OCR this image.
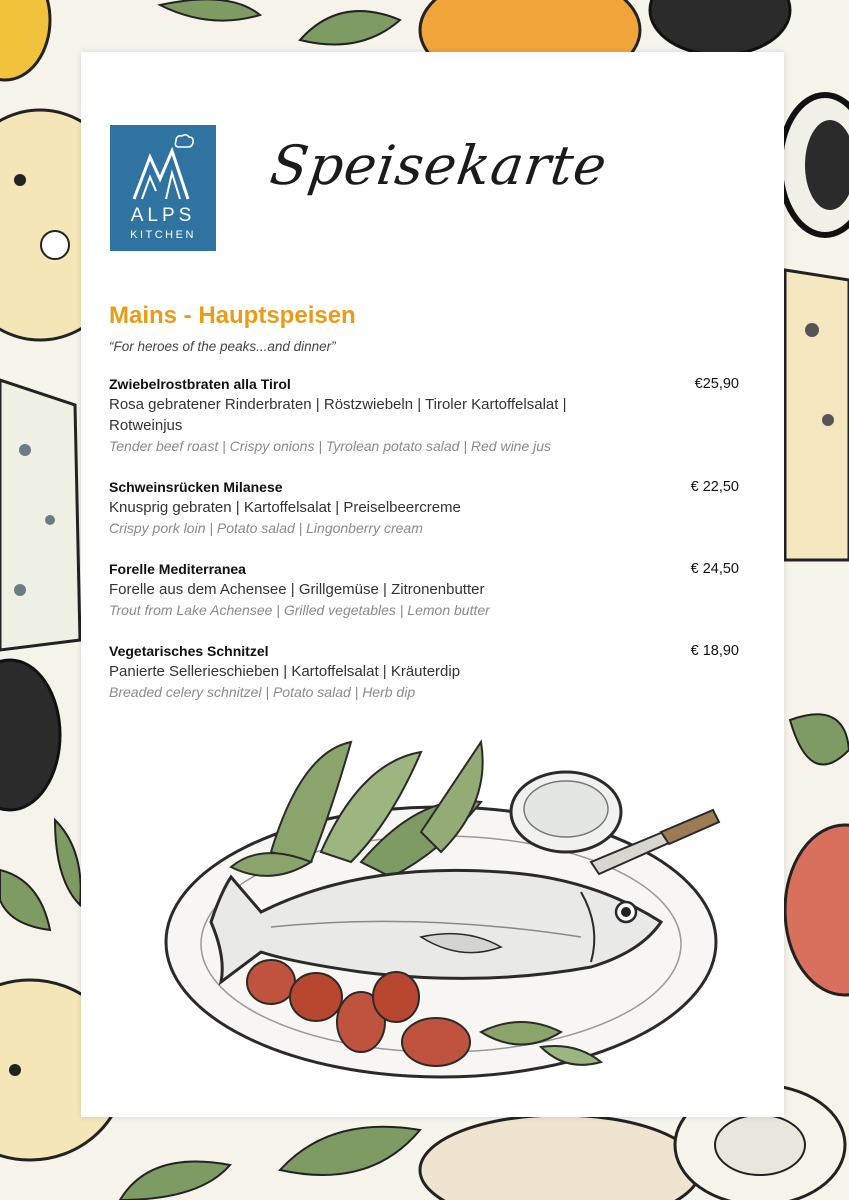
ALPS
KITCHEN
Speisekarte
Mains - Hauptspeisen
“For heroes of the peaks...and dinner”
Zwiebelrostbraten alla Tirol	€25,90
Rosa gebratener Rinderbraten | Röstzwiebeln | Tiroler Kartoffelsalat | Rotweinjus
Tender beef roast | Crispy onions | Tyrolean potato salad | Red wine jus
Schweinsrücken Milanese	€ 22,50
Knusprig gebraten | Kartoffelsalat | Preiselbeercreme
Crispy pork loin | Potato salad | Lingonberry cream
Forelle Mediterranea	€ 24,50
Forelle aus dem Achensee | Grillgemüse | Zitronenbutter
Trout from Lake Achensee | Grilled vegetables | Lemon butter
Vegetarisches Schnitzel	€ 18,90
Panierte Sellerieschieben | Kartoffelsalat | Kräuterdip
Breaded celery schnitzel | Potato salad | Herb dip
